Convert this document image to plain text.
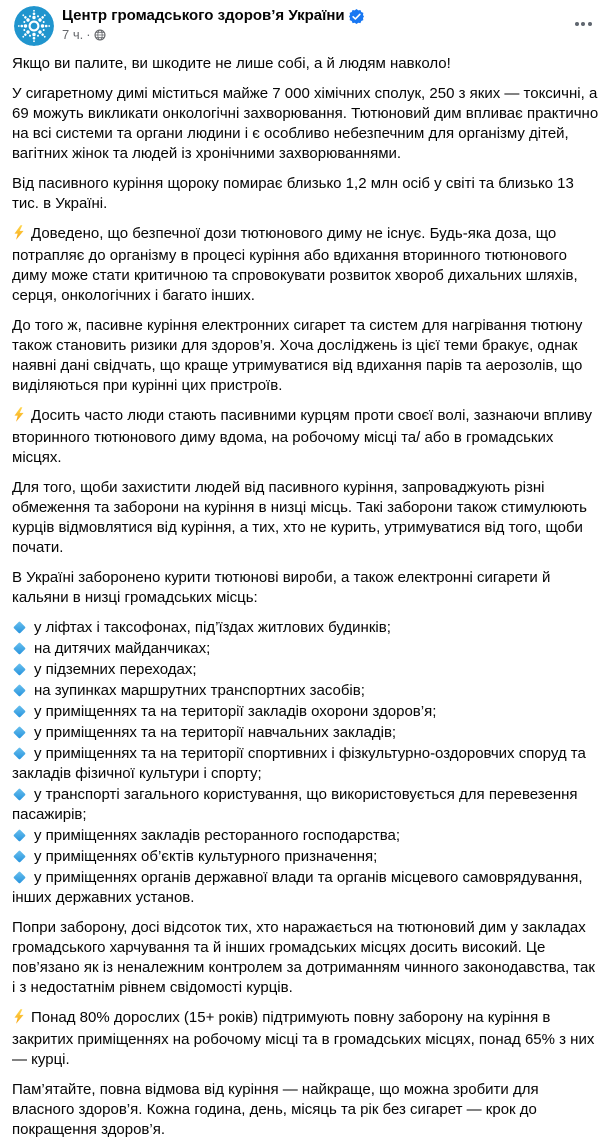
Центр громадського здоров’я України
7 ч. ·

Якщо ви палите, ви шкодите не лише собі, а й людям навколо!

У сигаретному димі міститься майже 7 000 хімічних сполук, 250 з яких — токсичні, а 69 можуть викликати онкологічні захворювання. Тютюновий дим впливає практично на всі системи та органи людини і є особливо небезпечним для організму дітей, вагітних жінок та людей із хронічними захворюваннями.

Від пасивного куріння щороку помирає близько 1,2 млн осіб у світі та близько 13 тис. в Україні.

Доведено, що безпечної дози тютюнового диму не існує. Будь-яка доза, що потрапляє до організму в процесі куріння або вдихання вторинного тютюнового диму може стати критичною та спровокувати розвиток хвороб дихальних шляхів, серця, онкологічних і багато інших.

До того ж, пасивне куріння електронних сигарет та систем для нагрівання тютюну також становить ризики для здоров’я. Хоча досліджень із цієї теми бракує, однак наявні дані свідчать, що краще утримуватися від вдихання парів та аерозолів, що виділяються при курінні цих пристроїв.

Досить часто люди стають пасивними курцям проти своєї волі, зазнаючи впливу вторинного тютюнового диму вдома, на робочому місці та/ або в громадських місцях.

Для того, щоби захистити людей від пасивного куріння, запроваджують різні обмеження та заборони на куріння в низці місць. Такі заборони також стимулюють курців відмовлятися від куріння, а тих, хто не курить, утримуватися від того, щоби почати.

В Україні заборонено курити тютюнові вироби, а також електронні сигарети й кальяни в низці громадських місць:

у ліфтах і таксофонах, під’їздах житлових будинків;
на дитячих майданчиках;
у підземних переходах;
на зупинках маршрутних транспортних засобів;
у приміщеннях та на території закладів охорони здоров’я;
у приміщеннях та на території навчальних закладів;
у приміщеннях та на території спортивних і фізкультурно-оздоровчих споруд та закладів фізичної культури і спорту;
у транспорті загального користування, що використовується для перевезення пасажирів;
у приміщеннях закладів ресторанного господарства;
у приміщеннях об’єктів культурного призначення;
у приміщеннях органів державної влади та органів місцевого самоврядування, інших державних установ.

Попри заборону, досі відсоток тих, хто наражається на тютюновий дим у закладах громадського харчування та й інших громадських місцях досить високий. Це пов’язано як із неналежним контролем за дотриманням чинного законодавства, так і з недостатнім рівнем свідомості курців.

Понад 80% дорослих (15+ років) підтримують повну заборону на куріння в закритих приміщеннях на робочому місці та в громадських місцях, понад 65% з них — курці.

Пам’ятайте, повна відмова від куріння — найкраще, що можна зробити для власного здоров’я. Кожна година, день, місяць та рік без сигарет — крок до покращення здоров’я.
